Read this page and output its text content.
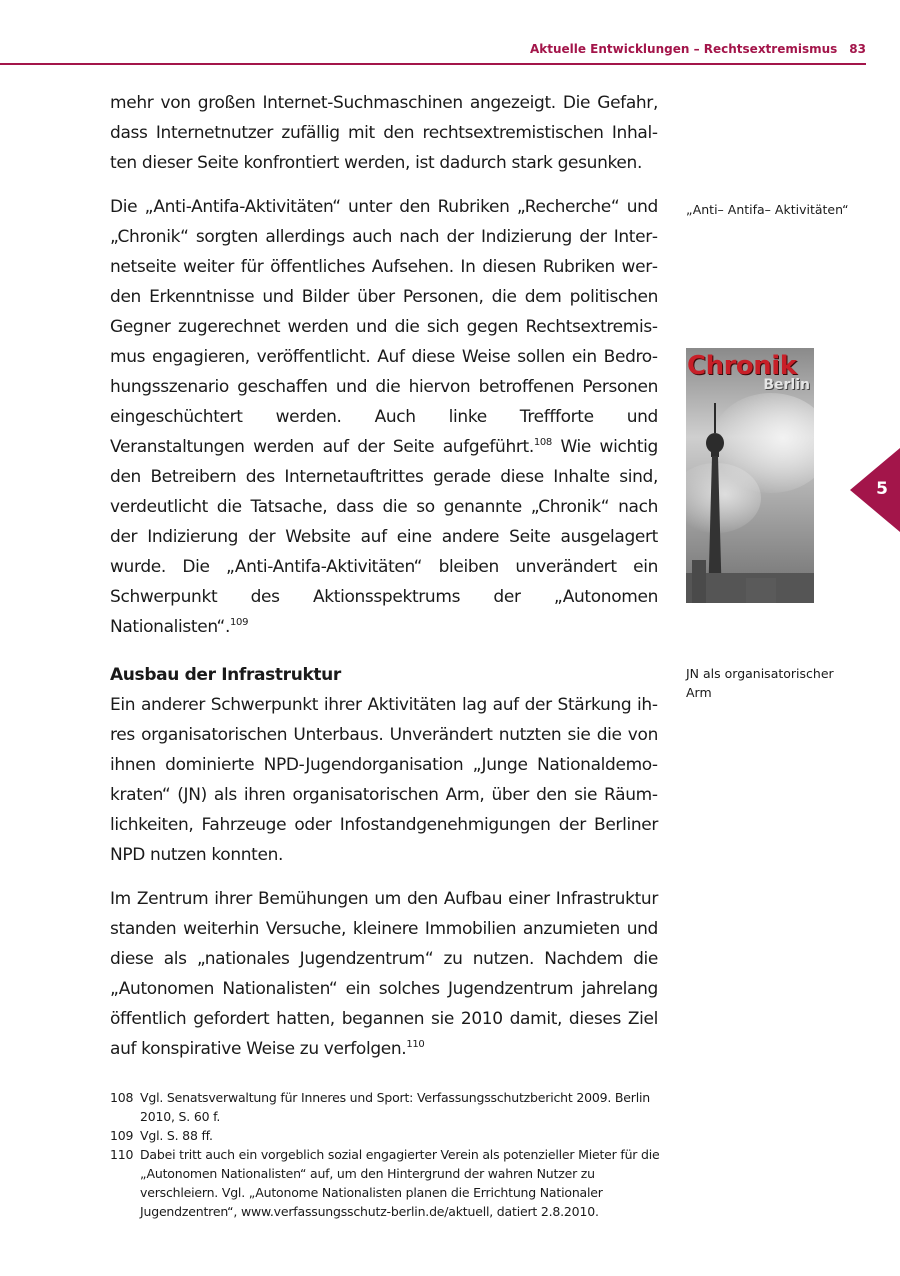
Aktuelle Entwicklungen – Rechtsextremismus 83

mehr von großen Internet-Suchmaschinen angezeigt. Die Gefahr, dass Internetnutzer zufällig mit den rechtsextremistischen Inhalten dieser Seite konfrontiert werden, ist dadurch stark gesunken.

Die „Anti-Antifa-Aktivitäten“ unter den Rubriken „Recherche“ und „Chronik“ sorgten allerdings auch nach der Indizierung der Internetseite weiter für öffentliches Aufsehen. In diesen Rubriken werden Erkenntnisse und Bilder über Personen, die dem politischen Gegner zugerechnet werden und die sich gegen Rechtsextremismus engagieren, veröffentlicht. Auf diese Weise sollen ein Bedrohungsszenario geschaffen und die hiervon betroffenen Personen eingeschüchtert werden. Auch linke Treffforte und Veranstaltungen werden auf der Seite aufgeführt.$^{108}$ Wie wichtig den Betreibern des Internetauftrittes gerade diese Inhalte sind, verdeutlicht die Tatsache, dass die so genannte „Chronik“ nach der Indizierung der Website auf eine andere Seite ausgelagert wurde. Die „Anti-Antifa-Aktivitäten“ bleiben unverändert ein Schwerpunkt des Aktionsspektrums der „Autonomen Nationalisten“.$^{109}$

Ausbau der Infrastruktur

Ein anderer Schwerpunkt ihrer Aktivitäten lag auf der Stärkung ihres organisatorischen Unterbaus. Unverändert nutzten sie die von ihnen dominierte NPD-Jugendorganisation „Junge Nationaldemokraten“ (JN) als ihren organisatorischen Arm, über den sie Räumlichkeiten, Fahrzeuge oder Infostandgenehmigungen der Berliner NPD nutzen konnten.

Im Zentrum ihrer Bemühungen um den Aufbau einer Infrastruktur standen weiterhin Versuche, kleinere Immobilien anzumieten und diese als „nationales Jugendzentrum“ zu nutzen. Nachdem die „Autonomen Nationalisten“ ein solches Jugendzentrum jahrelang öffentlich gefordert hatten, begannen sie 2010 damit, dieses Ziel auf konspirative Weise zu verfolgen.$^{110}$

„Anti– Antifa– Aktivitäten“
Chronik
Berlin
JN als organisatorischer Arm
5
108 Vgl. Senatsverwaltung für Inneres und Sport: Verfassungsschutzbericht 2009. Berlin 2010, S. 60 f.
109 Vgl. S. 88 ff.
110 Dabei tritt auch ein vorgeblich sozial engagierter Verein als potenzieller Mieter für die „Autonomen Nationalisten“ auf, um den Hintergrund der wahren Nutzer zu verschleiern. Vgl. „Autonome Nationalisten planen die Errichtung Nationaler Jugendzentren“, www.verfassungsschutz-berlin.de/aktuell, datiert 2.8.2010.
